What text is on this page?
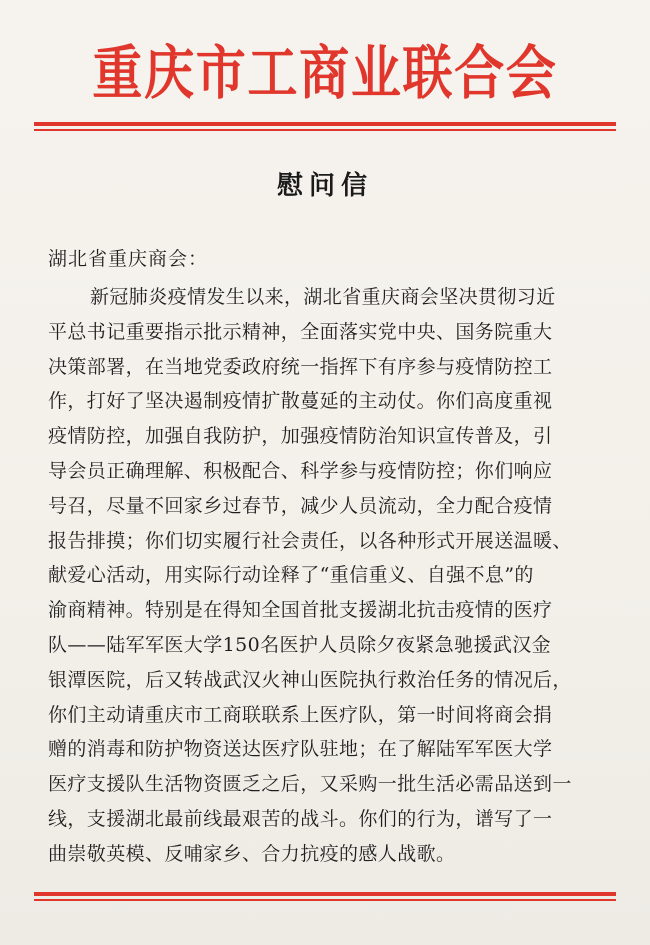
重庆市工商业联合会
慰问信
湖北省重庆商会：
新冠肺炎疫情发生以来，湖北省重庆商会坚决贯彻习近
平总书记重要指示批示精神，全面落实党中央、国务院重大
决策部署，在当地党委政府统一指挥下有序参与疫情防控工
作，打好了坚决遏制疫情扩散蔓延的主动仗。你们高度重视
疫情防控，加强自我防护，加强疫情防治知识宣传普及，引
导会员正确理解、积极配合、科学参与疫情防控；你们响应
号召，尽量不回家乡过春节，减少人员流动，全力配合疫情
报告排摸；你们切实履行社会责任，以各种形式开展送温暖、
献爱心活动，用实际行动诠释了“重信重义、自强不息”的
渝商精神。特别是在得知全国首批支援湖北抗击疫情的医疗
队——陆军军医大学150名医护人员除夕夜紧急驰援武汉金
银潭医院，后又转战武汉火神山医院执行救治任务的情况后，
你们主动请重庆市工商联联系上医疗队，第一时间将商会捐
赠的消毒和防护物资送达医疗队驻地；在了解陆军军医大学
医疗支援队生活物资匮乏之后，又采购一批生活必需品送到一
线，支援湖北最前线最艰苦的战斗。你们的行为，谱写了一
曲崇敬英模、反哺家乡、合力抗疫的感人战歌。
